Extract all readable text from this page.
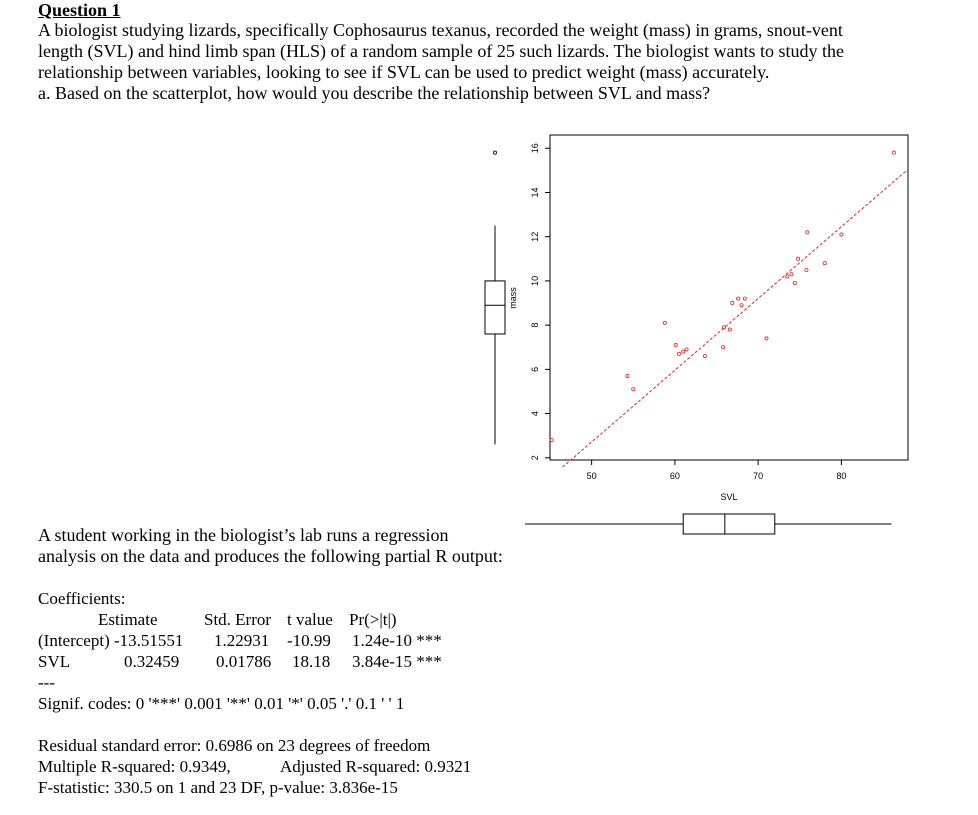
Question 1
A biologist studying lizards, specifically Cophosaurus texanus, recorded the weight (mass) in grams, snout-vent
length (SVL) and hind limb span (HLS) of a random sample of 25 such lizards. The biologist wants to study the
relationship between variables, looking to see if SVL can be used to predict weight (mass) accurately.
a. Based on the scatterplot, how would you describe the relationship between SVL and mass?
2
4
6
8
10
12
14
16
50	60	70	80
mass
SVL
A student working in the biologist’s lab runs a regression
analysis on the data and produces the following partial R output:
Coefficients:
Estimate	Std. Error t value Pr(>|t|)
(Intercept) -13.51551 1.22931 -10.99 1.24e-10 ***
SVL	0.32459 0.01786 18.18 3.84e-15 ***
---
Signif. codes: 0 '***' 0.001 '**' 0.01 '*' 0.05 '.' 0.1 ' ' 1
Residual standard error: 0.6986 on 23 degrees of freedom
Multiple R-squared: 0.9349,	Adjusted R-squared: 0.9321
F-statistic: 330.5 on 1 and 23 DF, p-value: 3.836e-15
